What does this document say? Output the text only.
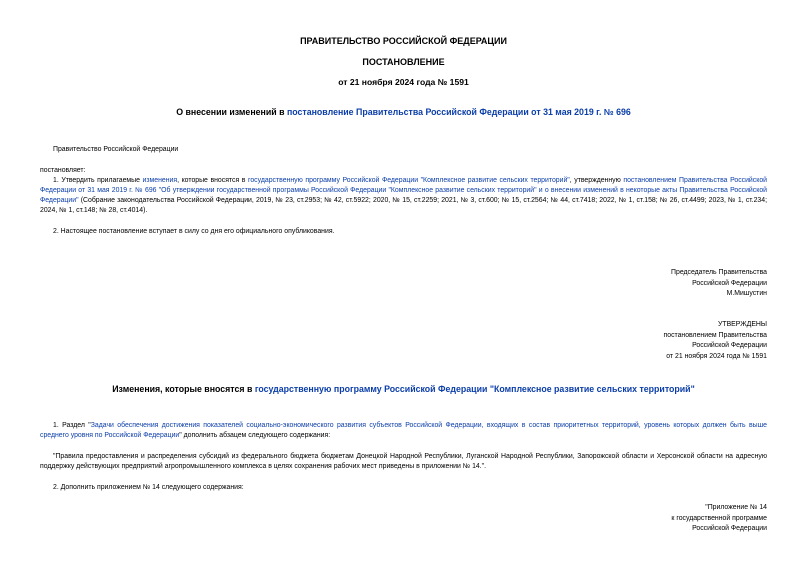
ПРАВИТЕЛЬСТВО РОССИЙСКОЙ ФЕДЕРАЦИИ
ПОСТАНОВЛЕНИЕ
от 21 ноября 2024 года № 1591
О внесении изменений в постановление Правительства Российской Федерации от 31 мая 2019 г. № 696
Правительство Российской Федерации
постановляет:
1. Утвердить прилагаемые изменения, которые вносятся в государственную программу Российской Федерации "Комплексное развитие сельских территорий", утвержденную постановлением Правительства Российской Федерации от 31 мая 2019 г. № 696 "Об утверждении государственной программы Российской Федерации "Комплексное развитие сельских территорий" и о внесении изменений в некоторые акты Правительства Российской Федерации" (Собрание законодательства Российской Федерации, 2019, № 23, ст.2953; № 42, ст.5922; 2020, № 15, ст.2259; 2021, № 3, ст.600; № 15, ст.2564; № 44, ст.7418; 2022, № 1, ст.158; № 26, ст.4499; 2023, № 1, ст.234; 2024, № 1, ст.148; № 28, ст.4014).
2. Настоящее постановление вступает в силу со дня его официального опубликования.
Председатель Правительства
Российской Федерации
М.Мишустин
УТВЕРЖДЕНЫ
постановлением Правительства
Российской Федерации
от 21 ноября 2024 года № 1591
Изменения, которые вносятся в государственную программу Российской Федерации "Комплексное развитие сельских территорий"
1. Раздел "Задачи обеспечения достижения показателей социально-экономического развития субъектов Российской Федерации, входящих в состав приоритетных территорий, уровень которых должен быть выше среднего уровня по Российской Федерации" дополнить абзацем следующего содержания:
"Правила предоставления и распределения субсидий из федерального бюджета бюджетам Донецкой Народной Республики, Луганской Народной Республики, Запорожской области и Херсонской области на адресную поддержку действующих предприятий агропромышленного комплекса в целях сохранения рабочих мест приведены в приложении № 14.".
2. Дополнить приложением № 14 следующего содержания:
"Приложение № 14
к государственной программе
Российской Федерации
